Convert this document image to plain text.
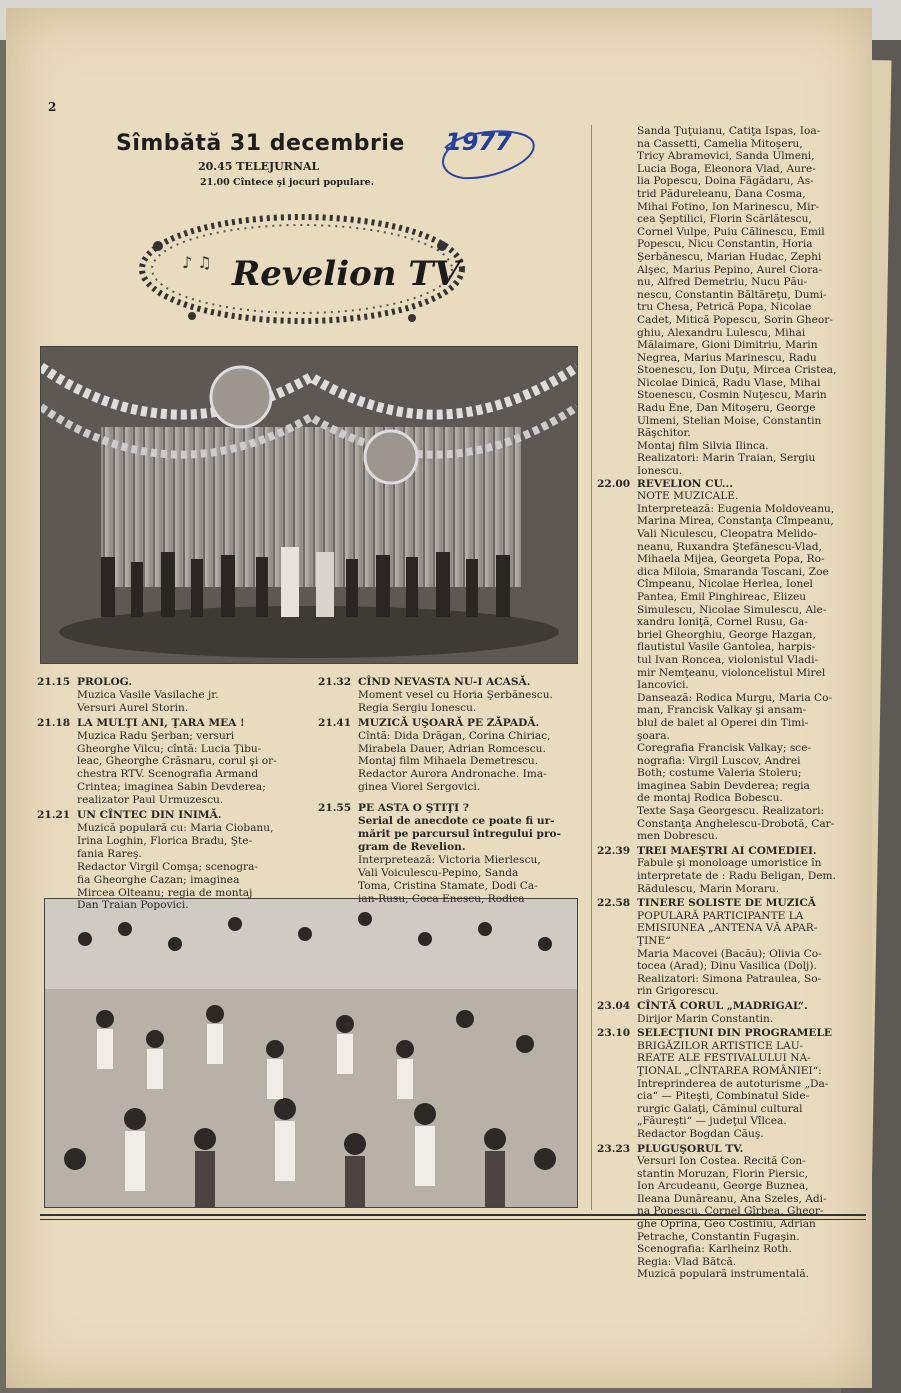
2
Sîmbătă 31 decembrie 1977
20.45 TELEJURNAL
21.00 Cîntece şi jocuri populare.
♪ ♫ Revelion TV
21.15 PROLOG.
Muzica Vasile Vasilache jr.
Versuri Aurel Storin.
21.18 LA MULŢI ANI, ŢARA MEA !
Muzica Radu Şerban; versuri
Gheorghe Vilcu; cîntă: Lucia Ţibu-
leac, Gheorghe Crăsnaru, corul şi or-
chestra RTV. Scenografia Armand
Crintea; imaginea Sabin Devderea;
realizator Paul Urmuzescu.
21.21 UN CÎNTEC DIN INIMĂ.
Muzică populară cu: Maria Ciobanu,
Irina Loghin, Florica Bradu, Şte-
fania Rareş.
Redactor Virgil Comşa; scenogra-
fia Gheorghe Cazan; imaginea
Mircea Olteanu; regia de montaj
Dan Traian Popovici.
21.32 CÎND NEVASTA NU-I ACASĂ.
Moment vesel cu Horia Şerbănescu.
Regia Sergiu Ionescu.
21.41 MUZICĂ UŞOARĂ PE ZĂPADĂ.
Cîntă: Dida Drăgan, Corina Chiriac,
Mirabela Dauer, Adrian Romcescu.
Montaj film Mihaela Demetrescu.
Redactor Aurora Andronache. Ima-
ginea Viorel Sergovici.
21.55 PE ASTA O ŞTIŢI ?
Serial de anecdote ce poate fi ur-
mărit pe parcursul întregului pro-
gram de Revelion.
Interpretează: Victoria Mierlescu,
Vali Voiculescu-Pepino, Sanda
Toma, Cristina Stamate, Dodi Ca-
ian-Rusu, Coca Enescu, Rodica
Sanda Ţuţuianu, Catiţa Ispas, Ioa-
na Cassetti, Camelia Mitoşeru,
Tricy Abramovici, Sanda Ulmeni,
Lucia Boga, Eleonora Vlad, Aure-
lia Popescu, Doina Făgădaru, As-
trid Pădureleanu, Dana Cosma,
Mihai Fotino, Ion Marinescu, Mir-
cea Şeptilici, Florin Scărlătescu,
Cornel Vulpe, Puiu Călinescu, Emil
Popescu, Nicu Constantin, Horia
Şerbănescu, Marian Hudac, Zephi
Alşec, Marius Pepino, Aurel Ciora-
nu, Alfred Demetriu, Nucu Pău-
nescu, Constantin Băltăreţu, Dumi-
tru Chesa, Petrică Popa, Nicolae
Cadet, Mitică Popescu, Sorin Gheor-
ghiu, Alexandru Lulescu, Mihai
Mălaimare, Gioni Dimitriu, Marin
Negrea, Marius Marinescu, Radu
Stoenescu, Ion Duţu, Mircea Cristea,
Nicolae Dinică, Radu Vlase, Mihai
Stoenescu, Cosmin Nuţescu, Marin
Radu Ene, Dan Mitoşeru, George
Ulmeni, Stelian Moise, Constantin
Răşchitor.
Montaj film Silvia Ilinca.
Realizatori: Marin Traian, Sergiu
Ionescu.
22.00 REVELION CU...
NOTE MUZICALE.
Interpretează: Eugenia Moldoveanu,
Marina Mirea, Constanţa Cîmpeanu,
Vali Niculescu, Cleopatra Melido-
neanu, Ruxandra Ştefănescu-Vlad,
Mihaela Mijea, Georgeta Popa, Ro-
dica Miloia, Smaranda Toscani, Zoe
Cîmpeanu, Nicolae Herlea, Ionel
Pantea, Emil Pinghireac, Elizeu
Simulescu, Nicolae Simulescu, Ale-
xandru Ioniţă, Cornel Rusu, Ga-
briel Gheorghiu, George Hazgan,
flautistul Vasile Gantolea, harpis-
tul Ivan Roncea, violonistul Vladi-
mir Nemţeanu, violoncelistul Mirel
Iancovici.
Dansează: Rodica Murgu, Maria Co-
man, Francisk Valkay şi ansam-
blul de balet al Operei din Timi-
şoara.
Coregrafia Francisk Valkay; sce-
nografia: Virgil Luscov, Andrei
Both; costume Valeria Stoleru;
imaginea Sabin Devderea; regia
de montaj Rodica Bobescu.
Texte Saşa Georgescu. Realizatori:
Constanţa Anghelescu-Drobotă, Car-
men Dobrescu.
22.39 TREI MAEŞTRI AI COMEDIEI.
Fabule şi monoloage umoristice în
interpretate de : Radu Beligan, Dem.
Rădulescu, Marin Moraru.
22.58 TINERE SOLISTE DE MUZICĂ
POPULARĂ PARTICIPANTE LA
EMISIUNEA „ANTENA VĂ APAR-
ŢINE“
Maria Macovei (Bacău); Olivia Co-
tocea (Arad); Dinu Vasilica (Dolj).
Realizatori: Simona Patraulea, So-
rin Grigorescu.
23.04 CÎNTĂ CORUL „MADRIGAL“.
Dirijor Marin Constantin.
23.10 SELECŢIUNI DIN PROGRAMELE
BRIGĂZILOR ARTISTICE LAU-
REATE ALE FESTIVALULUI NA-
ŢIONAL „CÎNTAREA ROMÂNIEI“:
Intreprinderea de autoturisme „Da-
cia“ — Piteşti, Combinatul Side-
rurgic Galaţi, Căminul cultural
„Făureşti“ — judeţul Vîlcea.
Redactor Bogdan Căuş.
23.23 PLUGUŞORUL TV.
Versuri Ion Costea. Recită Con-
stantin Moruzan, Florin Piersic,
Ion Arcudeanu, George Buznea,
Ileana Dunăreanu, Ana Szeles, Adi-
na Popescu, Cornel Gîrbea, Gheor-
ghe Oprina, Geo Costiniu, Adrian
Petrache, Constantin Fugaşin.
Scenografia: Karlheinz Roth.
Regia: Vlad Bătcă.
Muzică populară instrumentală.
